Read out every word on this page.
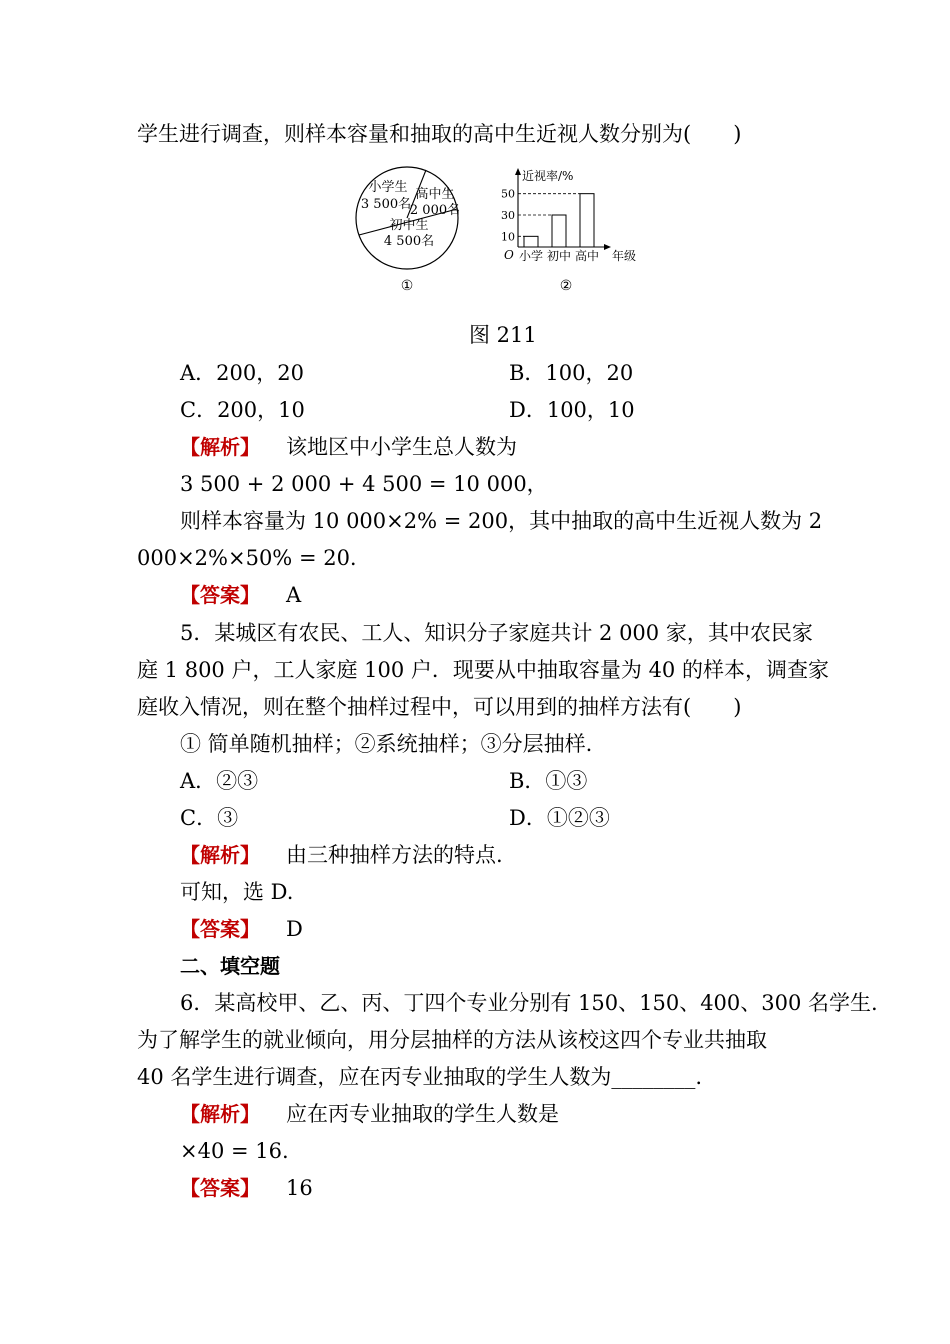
学生进行调查，则样本容量和抽取的高中生近视人数分别为(　　)
小学生
3 500名
高中生
2 000名
初中生
4 500名
①
近视率/%
O	年级
10
30
50
小学 初中 高中
②
图 211
A．200，20	B．100，20
C．200，10	D．100，10
【解析】 该地区中小学生总人数为
3 500 + 2 000 + 4 500 = 10 000，
则样本容量为 10 000×2% = 200，其中抽取的高中生近视人数为 2
000×2%×50% = 20.
【答案】 A
5．某城区有农民、工人、知识分子家庭共计 2 000 家，其中农民家
庭 1 800 户，工人家庭 100 户．现要从中抽取容量为 40 的样本，调查家
庭收入情况，则在整个抽样过程中，可以用到的抽样方法有(　　)
① 简单随机抽样；②系统抽样；③分层抽样.
A．②③	B．①③
C．③	D．①②③
【解析】 由三种抽样方法的特点.
可知，选 D.
【答案】 D
二、填空题
6．某高校甲、乙、丙、丁四个专业分别有 150、150、400、300 名学生.
为了解学生的就业倾向，用分层抽样的方法从该校这四个专业共抽取
40 名学生进行调查，应在丙专业抽取的学生人数为________.
【解析】 应在丙专业抽取的学生人数是
×40 = 16.
【答案】 16
